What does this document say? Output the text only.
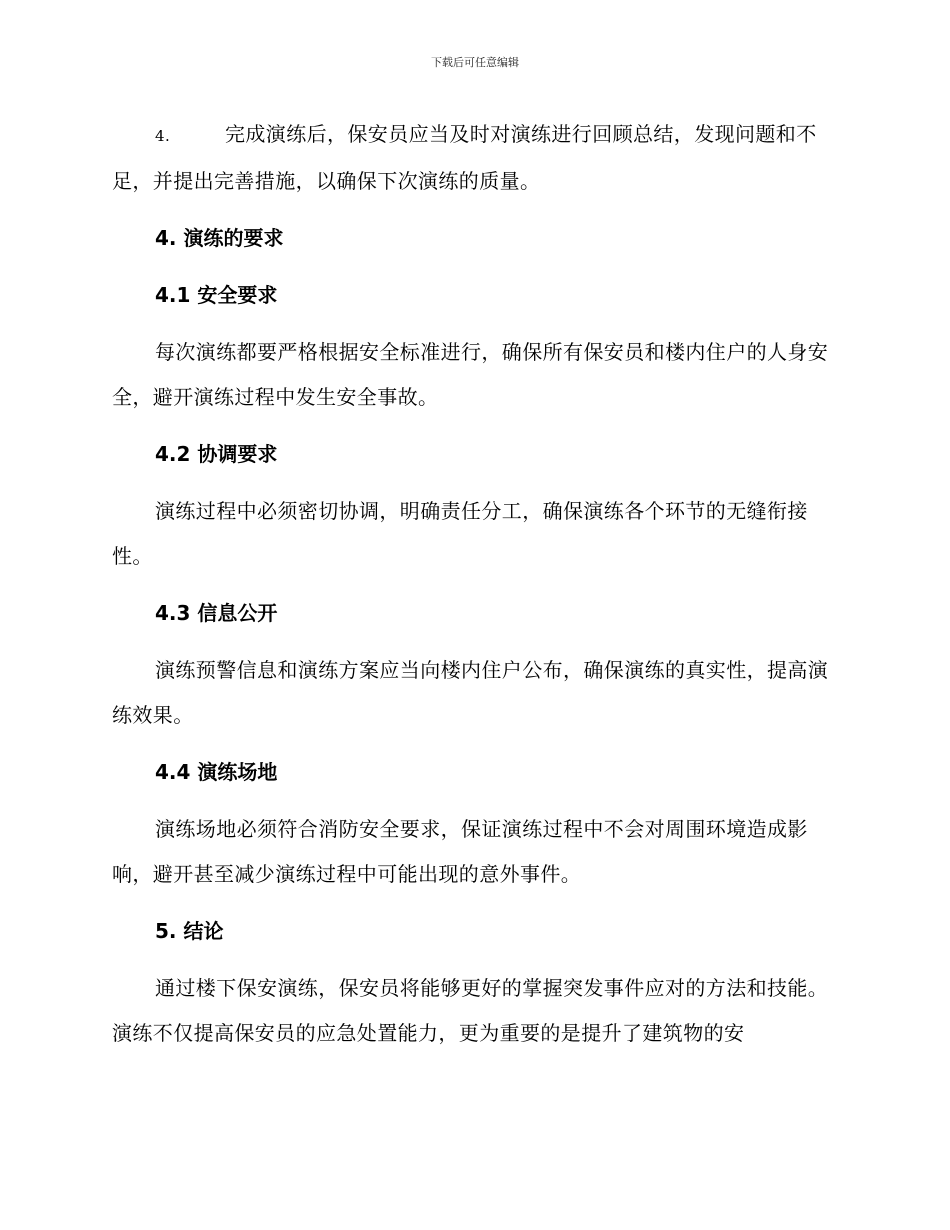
下载后可任意编辑

4.	完成演练后，保安员应当及时对演练进行回顾总结，发现问题和不足，并提出完善措施，以确保下次演练的质量。

4. 演练的要求
4.1 安全要求

每次演练都要严格根据安全标准进行，确保所有保安员和楼内住户的人身安全，避开演练过程中发生安全事故。

4.2 协调要求

演练过程中必须密切协调，明确责任分工，确保演练各个环节的无缝衔接性。

4.3 信息公开

演练预警信息和演练方案应当向楼内住户公布，确保演练的真实性，提高演练效果。

4.4 演练场地

演练场地必须符合消防安全要求，保证演练过程中不会对周围环境造成影响，避开甚至减少演练过程中可能出现的意外事件。

5. 结论

通过楼下保安演练，保安员将能够更好的掌握突发事件应对的方法和技能。演练不仅提高保安员的应急处置能力，更为重要的是提升了建筑物的安
